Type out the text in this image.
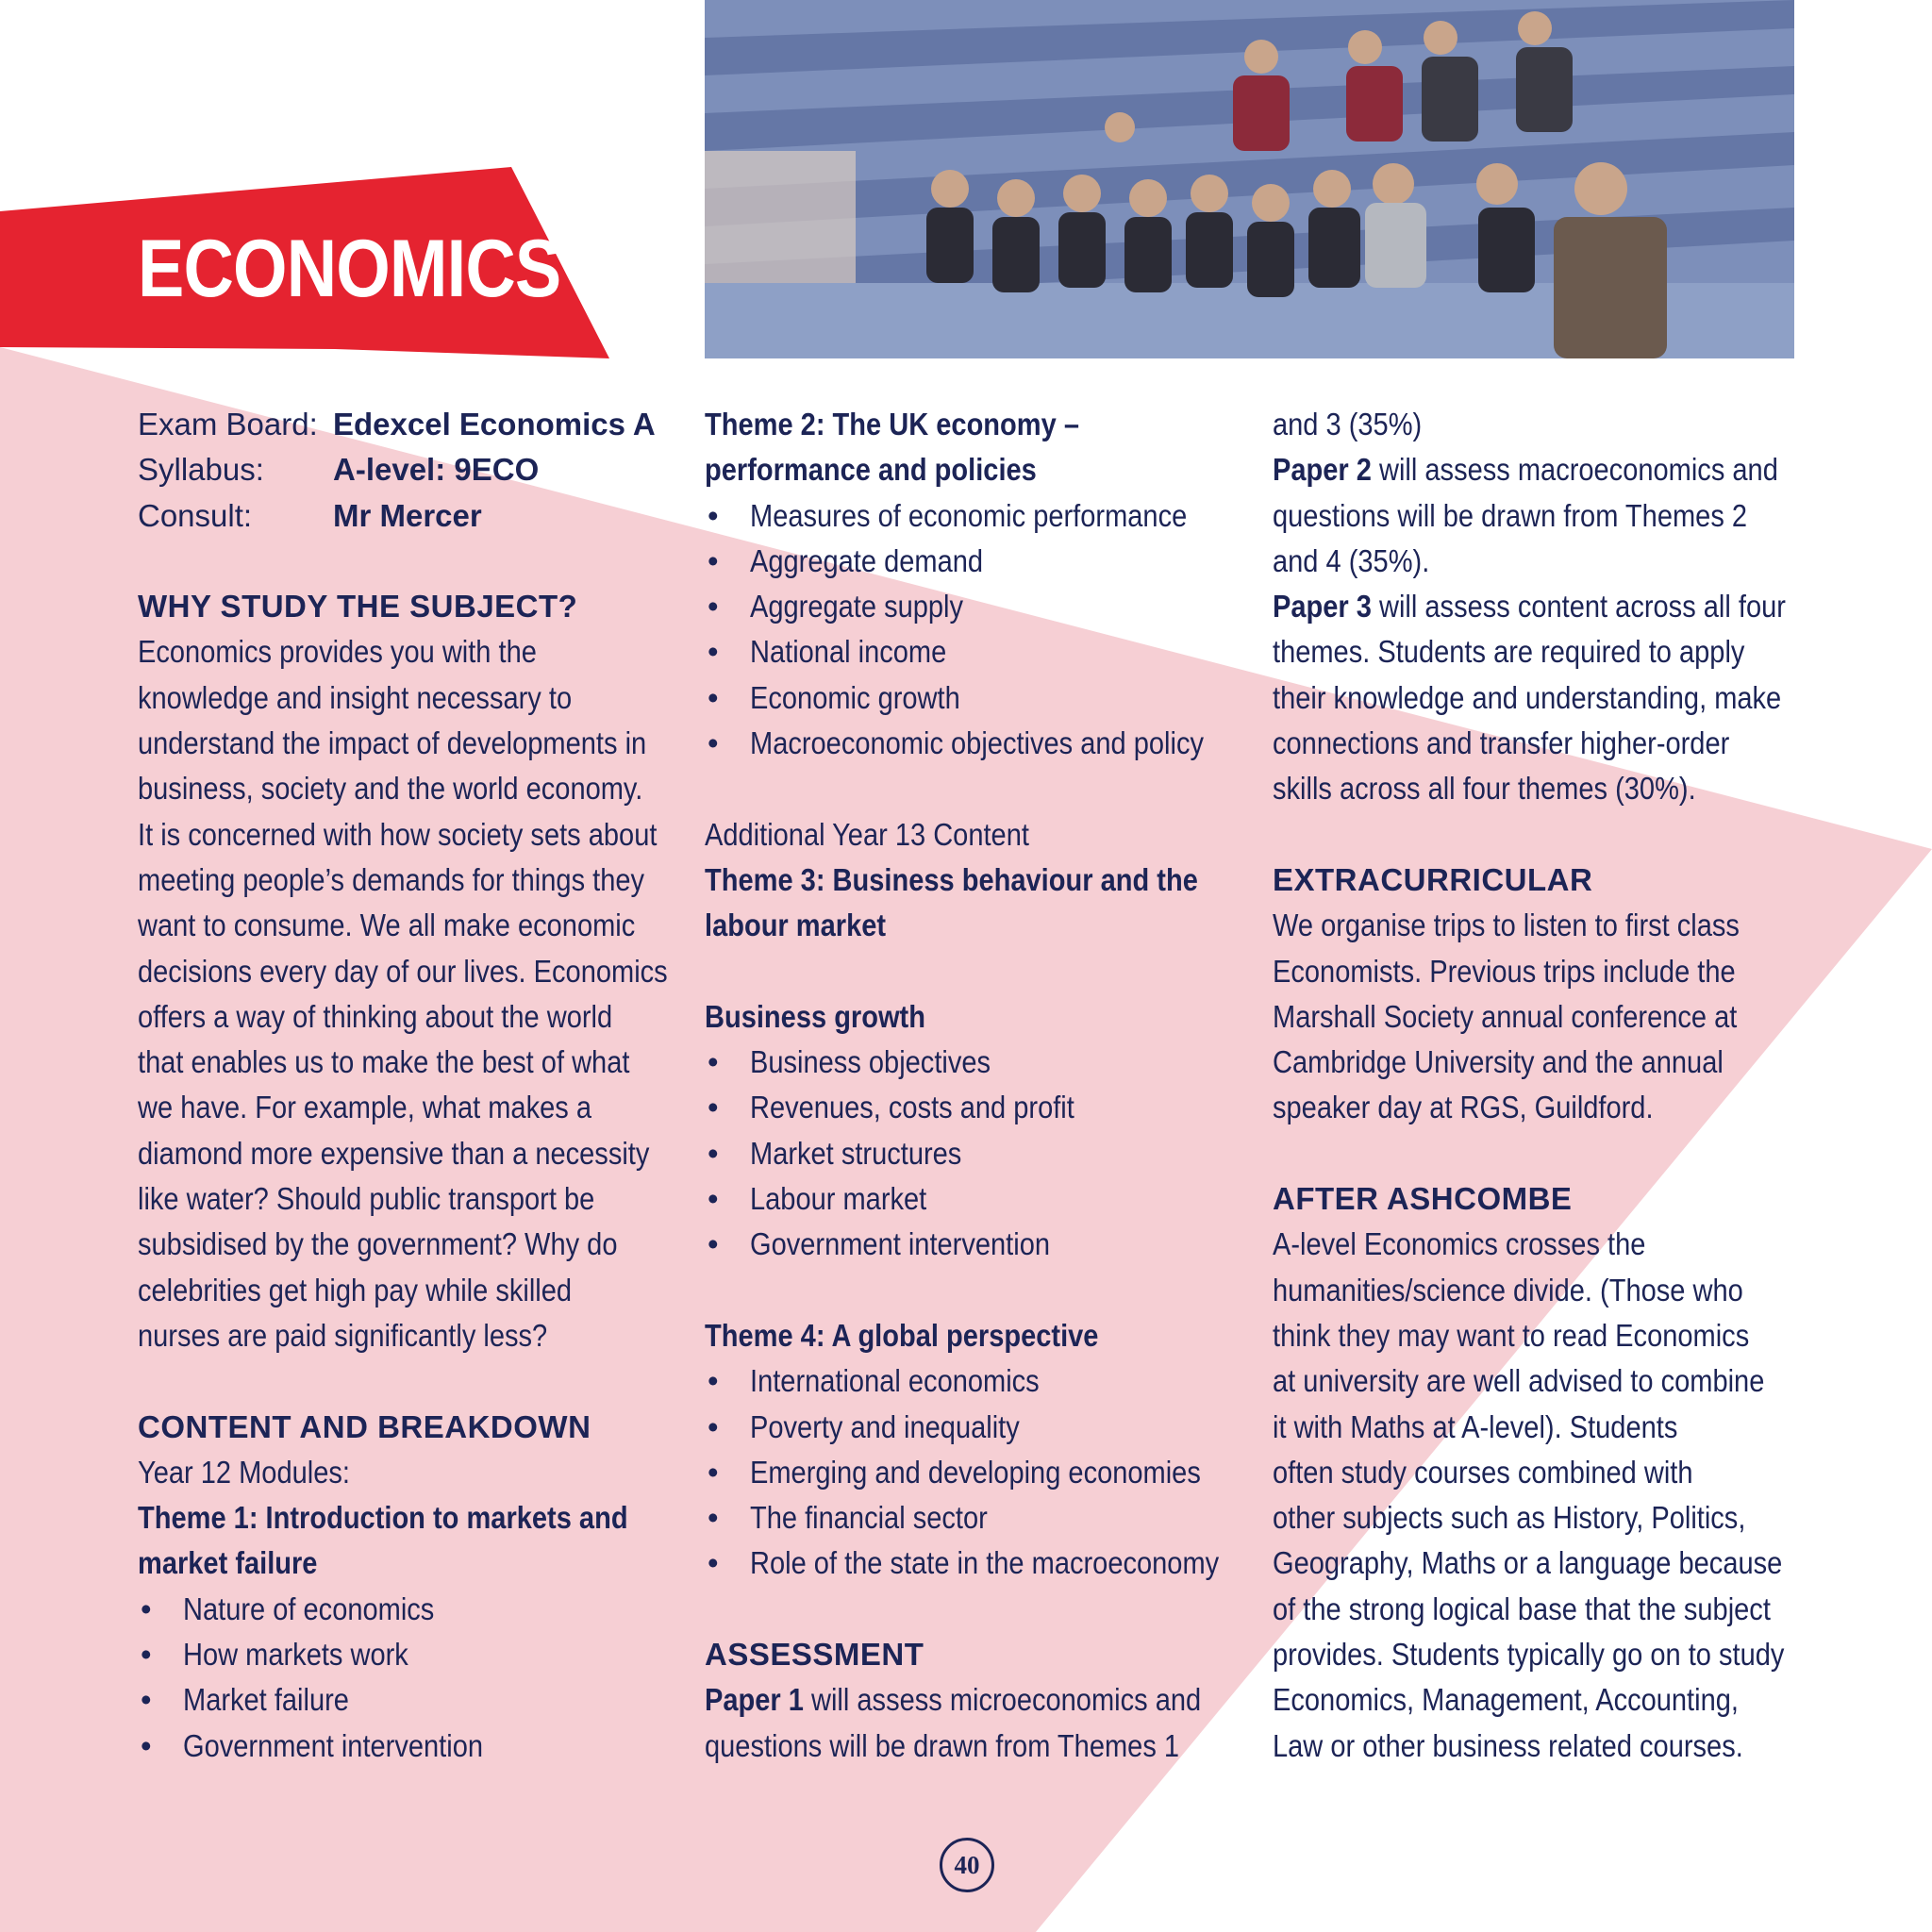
ECONOMICS
Exam Board: Edexcel Economics A
Syllabus:	A-level: 9ECO
Consult:	Mr Mercer
WHY STUDY THE SUBJECT?

Economics provides you with the

knowledge and insight necessary to

understand the impact of developments in

business, society and the world economy.

It is concerned with how society sets about

meeting people’s demands for things they

want to consume. We all make economic

decisions every day of our lives. Economics

offers a way of thinking about the world

that enables us to make the best of what

we have. For example, what makes a

diamond more expensive than a necessity

like water? Should public transport be

subsidised by the government? Why do

celebrities get high pay while skilled

nurses are paid significantly less?

CONTENT AND BREAKDOWN

Year 12 Modules:

Theme 1: Introduction to markets and

market failure

• Nature of economics
• How markets work
• Market failure
• Government intervention

Theme 2: The UK economy –

performance and policies

• Measures of economic performance
• Aggregate demand
• Aggregate supply
• National income
• Economic growth
• Macroeconomic objectives and policy

Additional Year 13 Content

Theme 3: Business behaviour and the

labour market

Business growth

• Business objectives
• Revenues, costs and profit
• Market structures
• Labour market
• Government intervention

Theme 4: A global perspective

• International economics
• Poverty and inequality
• Emerging and developing economies
• The financial sector
• Role of the state in the macroeconomy
ASSESSMENT

Paper 1 will assess microeconomics and

questions will be drawn from Themes 1

and 3 (35%)

Paper 2 will assess macroeconomics and

questions will be drawn from Themes 2

and 4 (35%).

Paper 3 will assess content across all four

themes. Students are required to apply

their knowledge and understanding, make

connections and transfer higher-order

skills across all four themes (30%).

EXTRACURRICULAR

We organise trips to listen to first class

Economists. Previous trips include the

Marshall Society annual conference at

Cambridge University and the annual

speaker day at RGS, Guildford.

AFTER ASHCOMBE

A-level Economics crosses the

humanities/science divide. (Those who

think they may want to read Economics

at university are well advised to combine

it with Maths at A-level). Students

often study courses combined with

other subjects such as History, Politics,

Geography, Maths or a language because

of the strong logical base that the subject

provides. Students typically go on to study

Economics, Management, Accounting,

Law or other business related courses.

40
